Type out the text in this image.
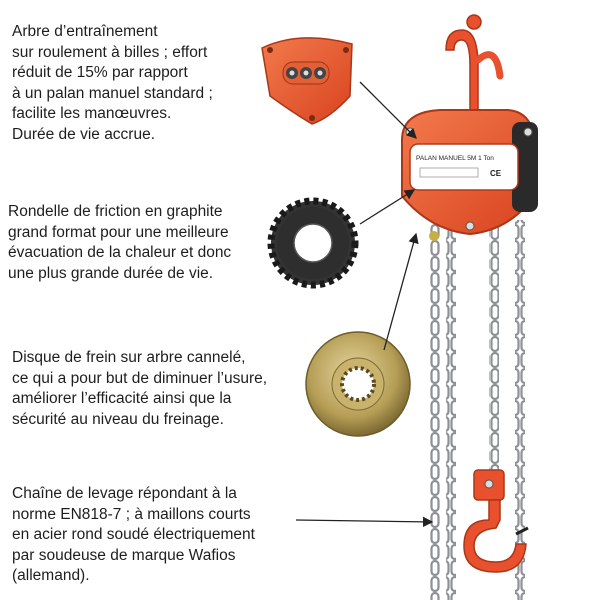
Arbre d’entraînement
sur roulement à billes ; effort
réduit de 15% par rapport
à un palan manuel standard ;
facilite les manœuvres.
Durée de vie accrue.
Rondelle de friction en graphite
grand format pour une meilleure
évacuation de la chaleur et donc
une plus grande durée de vie.
Disque de frein sur arbre cannelé,
ce qui a pour but de diminuer l’usure,
améliorer l’efficacité ainsi que la
sécurité au niveau du freinage.
Chaîne de levage répondant à la
norme EN818-7 ; à maillons courts
en acier rond soudé électriquement
par soudeuse de marque Wafios
(allemand).
PALAN MANUEL 5M 1 Ton
CE
